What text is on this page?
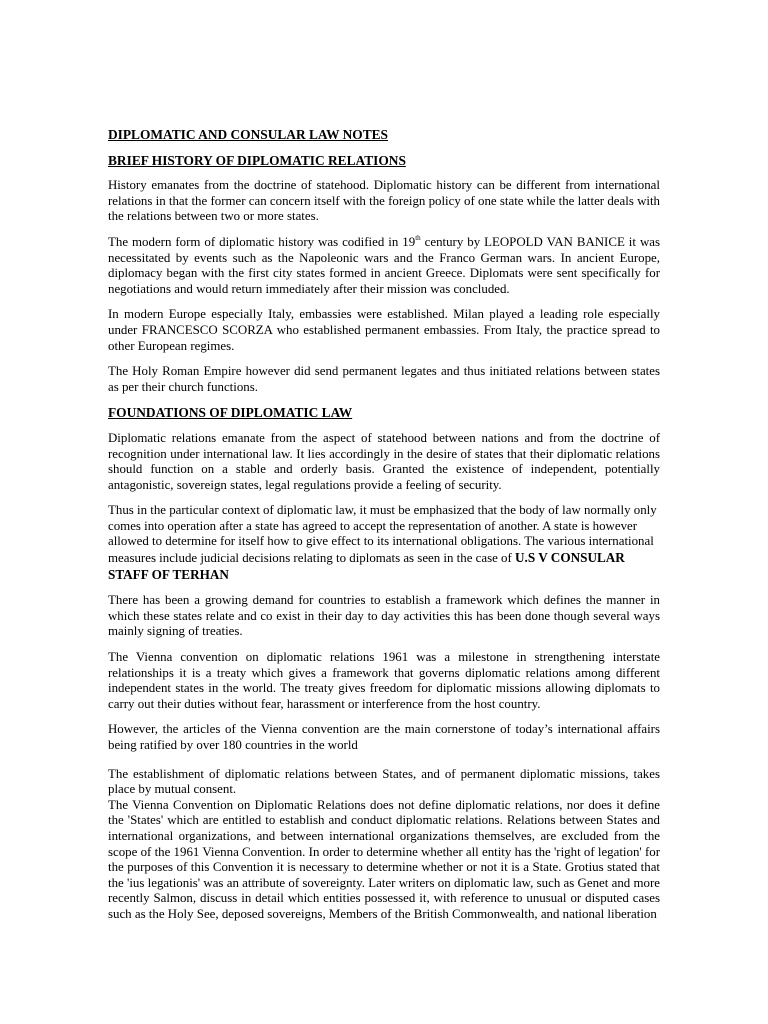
DIPLOMATIC AND CONSULAR LAW NOTES

BRIEF HISTORY OF DIPLOMATIC RELATIONS

History emanates from the doctrine of statehood. Diplomatic history can be different from international relations in that the former can concern itself with the foreign policy of one state while the latter deals with the relations between two or more states.

The modern form of diplomatic history was codified in 19th century by LEOPOLD VAN BANICE it was necessitated by events such as the Napoleonic wars and the Franco German wars. In ancient Europe, diplomacy began with the first city states formed in ancient Greece. Diplomats were sent specifically for negotiations and would return immediately after their mission was concluded.

In modern Europe especially Italy, embassies were established. Milan played a leading role especially under FRANCESCO SCORZA who established permanent embassies. From Italy, the practice spread to other European regimes.

The Holy Roman Empire however did send permanent legates and thus initiated relations between states as per their church functions.

FOUNDATIONS OF DIPLOMATIC LAW

Diplomatic relations emanate from the aspect of statehood between nations and from the doctrine of recognition under international law. It lies accordingly in the desire of states that their diplomatic relations should function on a stable and orderly basis. Granted the existence of independent, potentially antagonistic, sovereign states, legal regulations provide a feeling of security.

Thus in the particular context of diplomatic law, it must be emphasized that the body of law normally only comes into operation after a state has agreed to accept the representation of another. A state is however allowed to determine for itself how to give effect to its international obligations. The various international measures include judicial decisions relating to diplomats as seen in the case of U.S V CONSULAR STAFF OF TERHAN

There has been a growing demand for countries to establish a framework which defines the manner in which these states relate and co exist in their day to day activities this has been done though several ways mainly signing of treaties.

The Vienna convention on diplomatic relations 1961 was a milestone in strengthening interstate relationships it is a treaty which gives a framework that governs diplomatic relations among different independent states in the world. The treaty gives freedom for diplomatic missions allowing diplomats to carry out their duties without fear, harassment or interference from the host country.

However, the articles of the Vienna convention are the main cornerstone of today’s international affairs being ratified by over 180 countries in the world

The establishment of diplomatic relations between States, and of permanent diplomatic missions, takes place by mutual consent.

The Vienna Convention on Diplomatic Relations does not define diplomatic relations, nor does it define the 'States' which are entitled to establish and conduct diplomatic relations. Relations between States and international organizations, and between international organizations themselves, are excluded from the scope of the 1961 Vienna Convention. In order to determine whether all entity has the 'right of legation' for the purposes of this Convention it is necessary to determine whether or not it is a State. Grotius stated that the 'ius legationis' was an attribute of sovereignty. Later writers on diplomatic law, such as Genet and more recently Salmon, discuss in detail which entities possessed it, with reference to unusual or disputed cases such as the Holy See, deposed sovereigns, Members of the British Commonwealth, and national liberation
